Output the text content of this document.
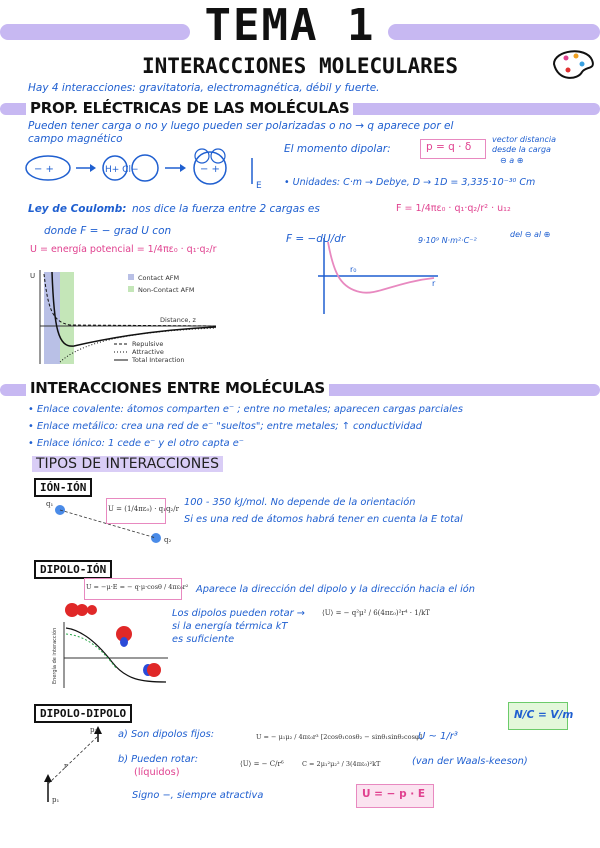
TEMA 1
INTERACCIONES MOLECULARES
Hay 4 interacciones: gravitatoria, electromagnética, débil y fuerte.
PROP. ELÉCTRICAS DE LAS MOLÉCULAS
Pueden tener carga o no y luego pueden ser polarizadas o no → q aparece por el
campo magnético
− +	H+ Cl−	− +
E
El momento dipolar:	p = q · δ
vector distancia
desde la carga
⊖ a ⊕
• Unidades: C·m → Debye, D → 1D = 3,335·10⁻³⁰ Cm
Ley de Coulomb: nos dice la fuerza entre 2 cargas es	F = 1/4πε₀ · q₁·q₂/r² · u₁₂
donde F = − grad U con
9·10⁹ N·m²·C⁻²
del ⊖ al ⊕
U = energía potencial = 1/4πε₀ · q₁·q₂/r
F = −dU/dr
r₀
r
U	Contact AFM
Non-Contact AFM
Distance, z
Repulsive
Attractive
Total Interaction
INTERACCIONES ENTRE MOLÉCULAS
• Enlace covalente: átomos comparten e⁻ ; entre no metales; aparecen cargas parciales
• Enlace metálico: crea una red de e⁻ "sueltos"; entre metales; ↑ conductividad
• Enlace iónico: 1 cede e⁻ y el otro capta e⁻
TIPOS DE INTERACCIONES
IÓN-IÓN
q₁
q₂
U = (1/4πε₀) · q₁q₂/r
100 - 350 kJ/mol. No depende de la orientación
Si es una red de átomos habrá tener en cuenta la E total
DIPOLO-IÓN
U = −μ·E = − q·μ·cosθ / 4πε₀r² Aparece la dirección del dipolo y la dirección hacia el ión
Los dipolos pueden rotar →
si la energía térmica kT
es suficiente
⟨U⟩ = − q²μ² / 6(4πε₀)²r⁴ · 1/kT
Energía de interacción
DIPOLO-DIPOLO
p₁
p₂
r
a) Son dipolos fijos:	U = − μ₁μ₂ / 4πε₀r³ [2cosθ₁cosθ₂ − sinθ₁sinθ₂cosφ]
U ~ 1/r³
N/C = V/m
b) Pueden rotar:
(líquidos)
⟨U⟩ = − C/r⁶	C = 2μ₁²μ₂² / 3(4πε₀)²kT	(van der Waals-keeson)
Signo −, siempre atractiva	U = − p · E
